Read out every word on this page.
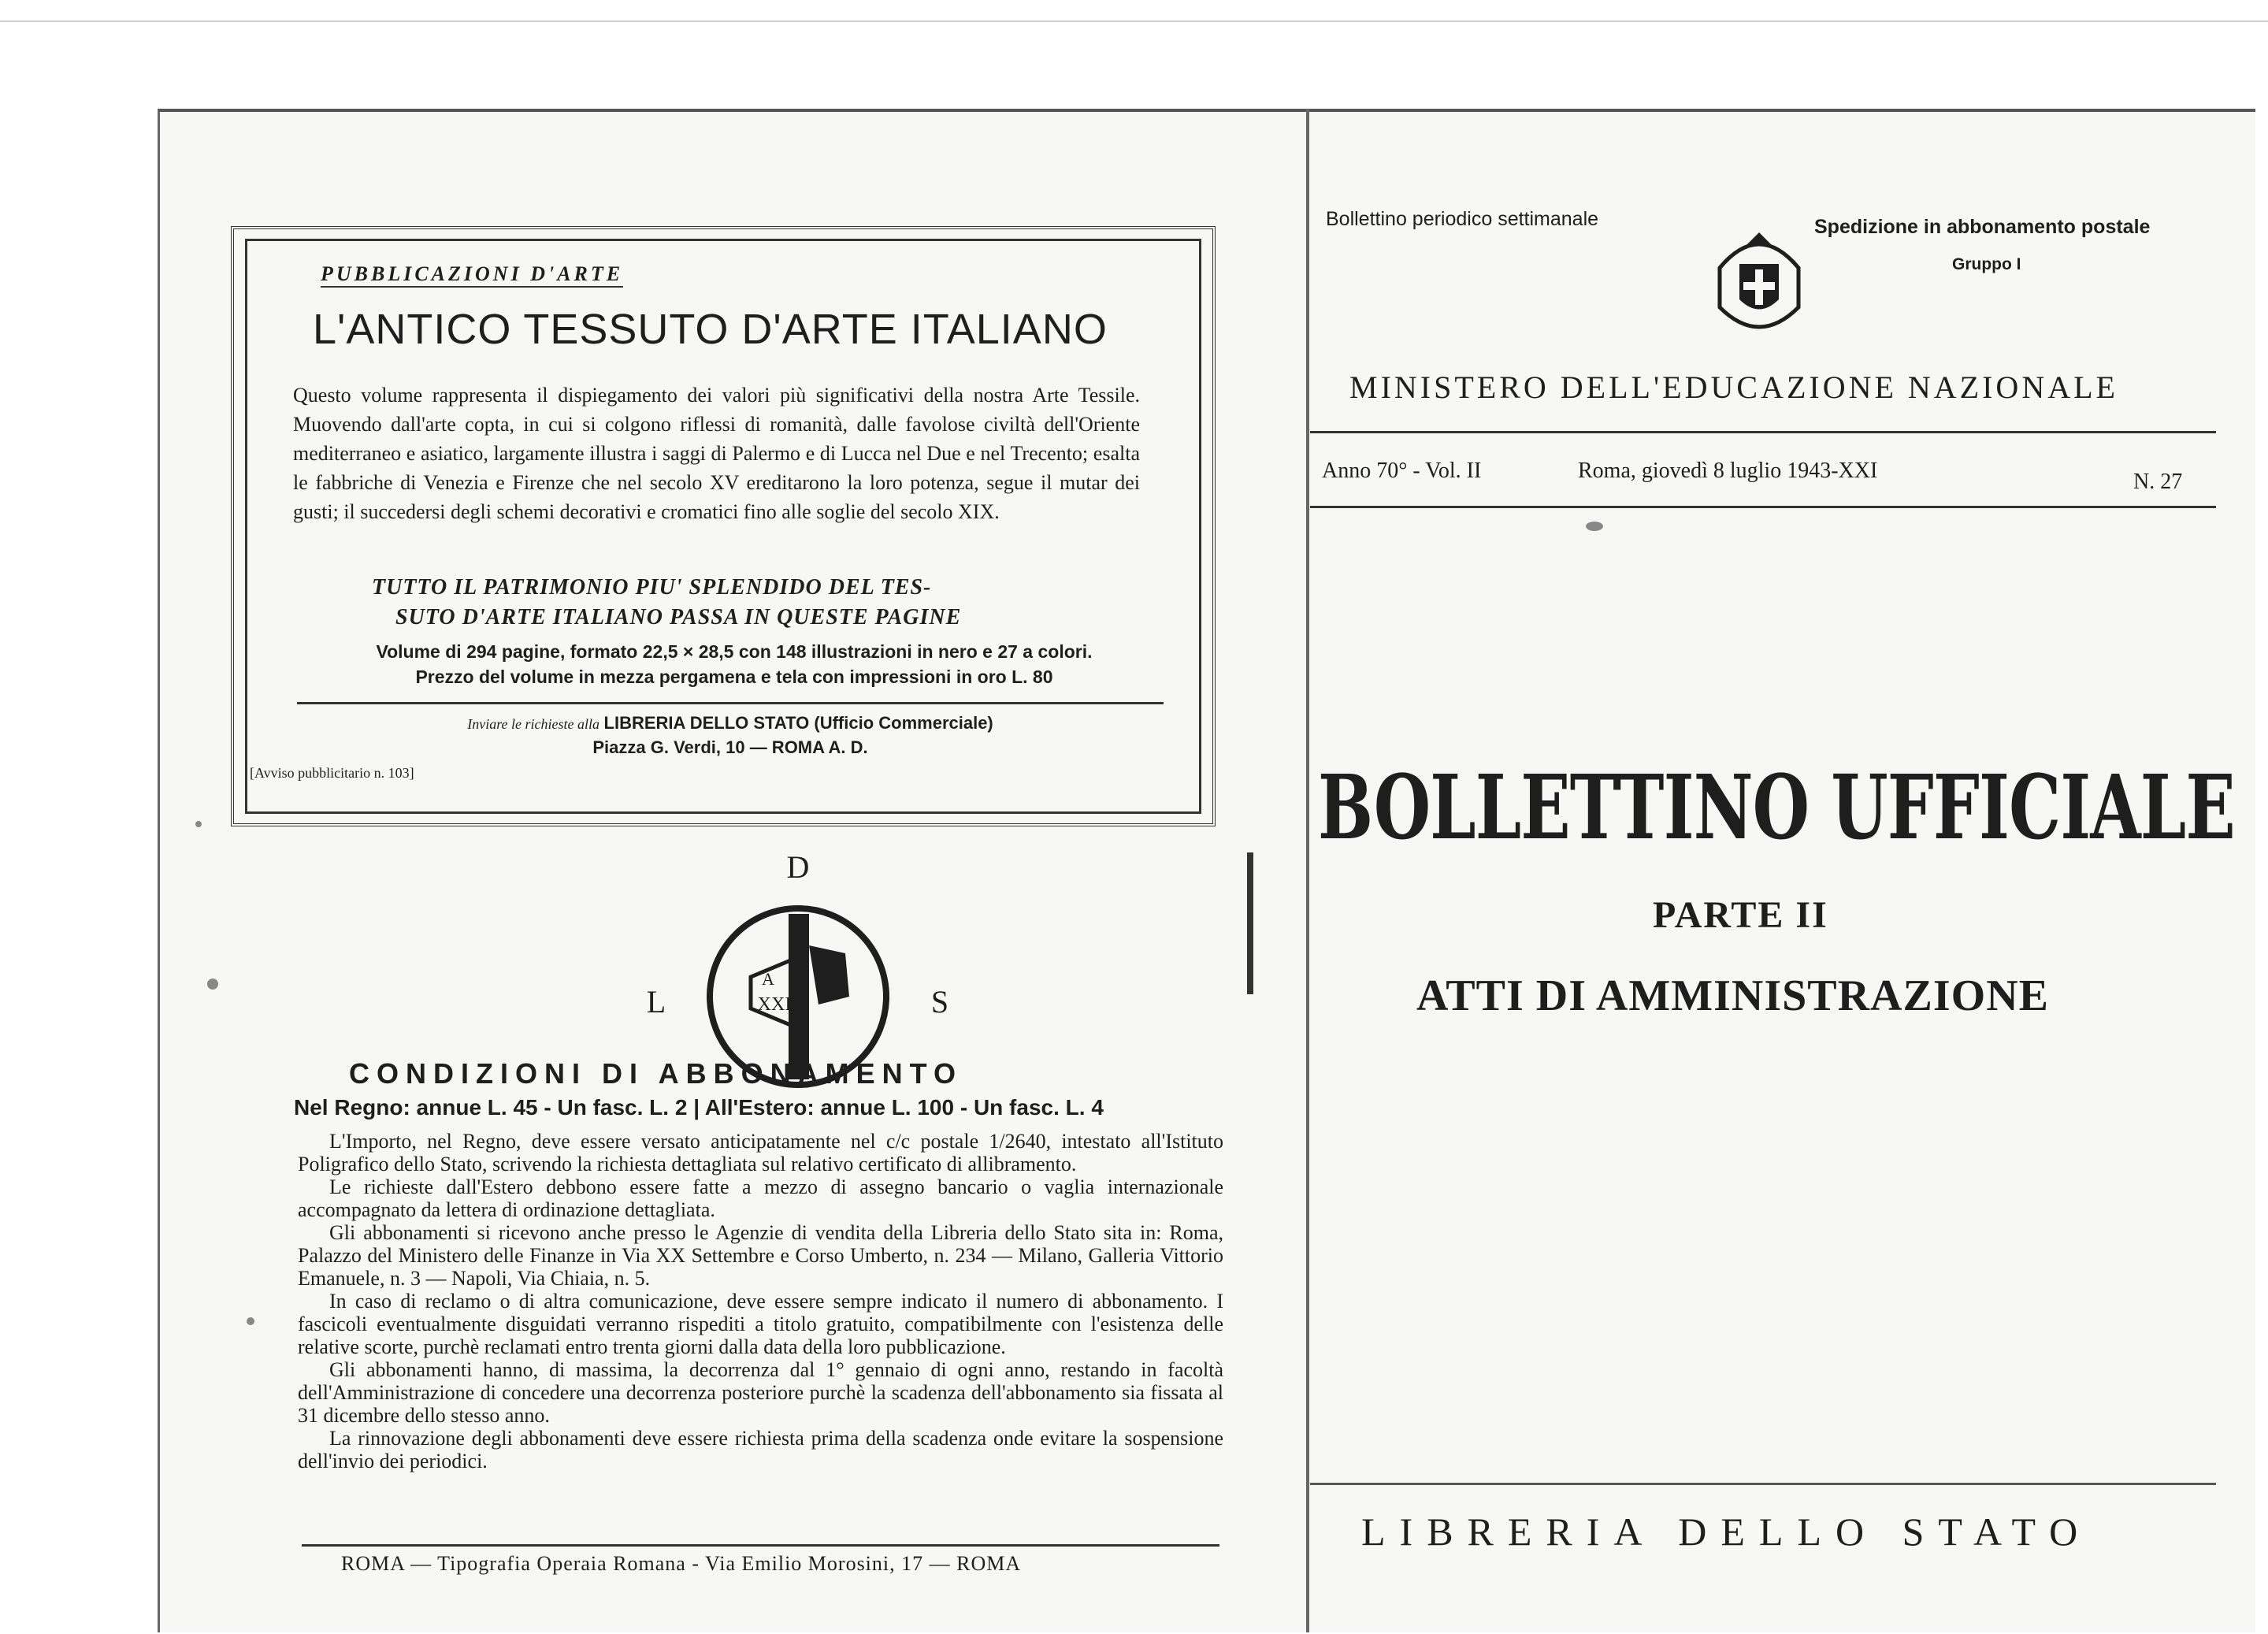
PUBBLICAZIONI D'ARTE
L'ANTICO TESSUTO D'ARTE ITALIANO
Questo volume rappresenta il dispiegamento dei valori più significativi della nostra Arte Tessile. Muovendo dall'arte copta, in cui si colgono riflessi di romanità, dalle favolose civiltà dell'Oriente mediterraneo e asiatico, largamente illustra i saggi di Palermo e di Lucca nel Due e nel Trecento; esalta le fabbriche di Venezia e Firenze che nel secolo XV ereditarono la loro potenza, segue il mutar dei gusti; il succedersi degli schemi decorativi e cromatici fino alle soglie del secolo XIX.
TUTTO IL PATRIMONIO PIU' SPLENDIDO DEL TES-
SUTO D'ARTE ITALIANO PASSA IN QUESTE PAGINE
Volume di 294 pagine, formato 22,5 × 28,5 con 148 illustrazioni in nero e 27 a colori.
Prezzo del volume in mezza pergamena e tela con impressioni in oro L. 80
Inviare le richieste alla LIBRERIA DELLO STATO (Ufficio Commerciale)
Piazza G. Verdi, 10 — ROMA A. D.
[Avviso pubblicitario n. 103]
D
L	S
A
XXI
CONDIZIONI DI ABBONAMENTO
Nel Regno: annue L. 45 - Un fasc. L. 2 | All'Estero: annue L. 100 - Un fasc. L. 4

L'Importo, nel Regno, deve essere versato anticipatamente nel c/c postale 1/2640, intestato all'Istituto Poligrafico dello Stato, scrivendo la richiesta dettagliata sul relativo certificato di allibramento.

Le richieste dall'Estero debbono essere fatte a mezzo di assegno bancario o vaglia internazionale accompagnato da lettera di ordinazione dettagliata.

Gli abbonamenti si ricevono anche presso le Agenzie di vendita della Libreria dello Stato sita in: Roma, Palazzo del Ministero delle Finanze in Via XX Settembre e Corso Umberto, n. 234 — Milano, Galleria Vittorio Emanuele, n. 3 — Napoli, Via Chiaia, n. 5.

In caso di reclamo o di altra comunicazione, deve essere sempre indicato il numero di abbonamento. I fascicoli eventualmente disguidati verranno rispediti a titolo gratuito, compatibilmente con l'esistenza delle relative scorte, purchè reclamati entro trenta giorni dalla data della loro pubblicazione.

Gli abbonamenti hanno, di massima, la decorrenza dal 1° gennaio di ogni anno, restando in facoltà dell'Amministrazione di concedere una decorrenza posteriore purchè la scadenza dell'abbonamento sia fissata al 31 dicembre dello stesso anno.

La rinnovazione degli abbonamenti deve essere richiesta prima della scadenza onde evitare la sospensione dell'invio dei periodici.

ROMA — Tipografia Operaia Romana - Via Emilio Morosini, 17 — ROMA
Bollettino periodico settimanale	Spedizione in abbonamento postale
Gruppo I
MINISTERO DELL'EDUCAZIONE NAZIONALE
Anno 70° - Vol. II	Roma, giovedì 8 luglio 1943-XXI	N. 27
BOLLETTINO UFFICIALE
PARTE II
ATTI DI AMMINISTRAZIONE
LIBRERIA DELLO STATO
